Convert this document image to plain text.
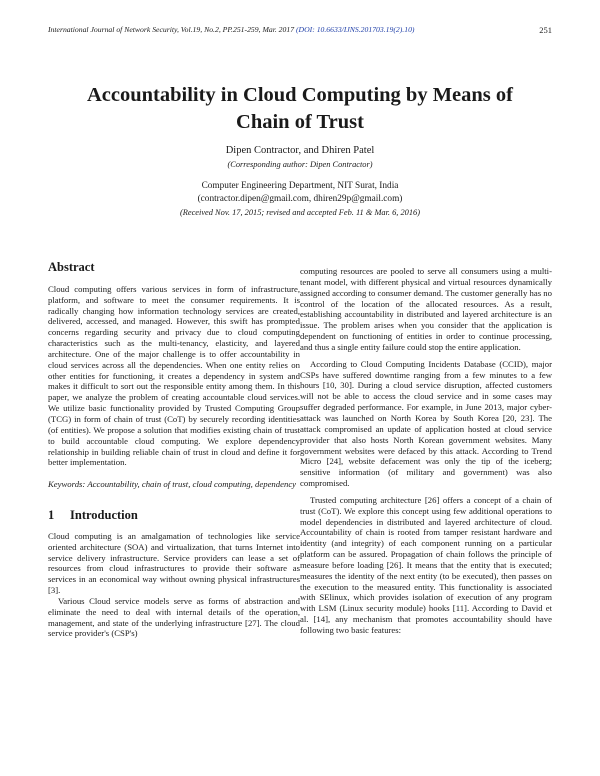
International Journal of Network Security, Vol.19, No.2, PP.251-259, Mar. 2017 (DOI: 10.6633/IJNS.201703.19(2).10)	251
Accountability in Cloud Computing by Means of
Chain of Trust
Dipen Contractor, and Dhiren Patel
(Corresponding author: Dipen Contractor)
Computer Engineering Department, NIT Surat, India
(contractor.dipen@gmail.com, dhiren29p@gmail.com)
(Received Nov. 17, 2015; revised and accepted Feb. 11 & Mar. 6, 2016)
Abstract

Cloud computing offers various services in form of infrastructure, platform, and software to meet the consumer requirements. It is radically changing how information technology services are created, delivered, accessed, and managed. However, this swift has prompted concerns regarding security and privacy due to cloud computing characteristics such as the multi-tenancy, elasticity, and layered architecture. One of the major challenge is to offer accountability in cloud services across all the dependencies. When one entity relies on other entities for functioning, it creates a dependency in system and makes it difficult to sort out the responsible entity among them. In this paper, we analyze the problem of creating accountable cloud services. We utilize basic functionality provided by Trusted Computing Group (TCG) in form of chain of trust (CoT) by securely recording identities (of entities). We propose a solution that modifies existing chain of trust to build accountable cloud computing. We explore dependency relationship in building reliable chain of trust in cloud and define it for better implementation.

Keywords: Accountability, chain of trust, cloud computing, dependency

1 Introduction

Cloud computing is an amalgamation of technologies like service oriented architecture (SOA) and virtualization, that turns Internet into service delivery infrastructure. Service providers can lease a set of resources from cloud infrastructures to provide their software as services in an economical way without owning physical infrastructures [3].

Various Cloud service models serve as forms of abstraction and eliminate the need to deal with internal details of the operation, management, and state of the underlying infrastructure [27]. The cloud service provider's (CSP's)

computing resources are pooled to serve all consumers using a multi-tenant model, with different physical and virtual resources dynamically assigned according to consumer demand. The customer generally has no control of the location of the allocated resources. As a result, establishing accountability in distributed and layered architecture is an issue. The problem arises when you consider that the application is dependent on functioning of entities in order to continue processing, and thus a single entity failure could stop the entire application.

According to Cloud Computing Incidents Database (CCID), major CSPs have suffered downtime ranging from a few minutes to a few hours [10, 30]. During a cloud service disruption, affected customers will not be able to access the cloud service and in some cases may suffer degraded performance. For example, in June 2013, major cyber-attack was launched on North Korea by South Korea [20, 23]. The attack compromised an update of application hosted at cloud service provider that also hosts North Korean government websites. Many government websites were defaced by this attack. According to Trend Micro [24], website defacement was only the tip of the iceberg; sensitive information (of military and government) was also compromised.

Trusted computing architecture [26] offers a concept of a chain of trust (CoT). We explore this concept using few additional operations to model dependencies in distributed and layered architecture of cloud. Accountability of chain is rooted from tamper resistant hardware and identity (and integrity) of each component running on a particular platform can be assured. Propagation of chain follows the principle of measure before loading [26]. It means that the entity that is executed; measures the identity of the next entity (to be executed), then passes on the execution to the measured entity. This functionality is associated with SElinux, which provides isolation of execution of any program with LSM (Linux security module) hooks [11]. According to David et al. [14], any mechanism that promotes accountability should have following two basic features:
